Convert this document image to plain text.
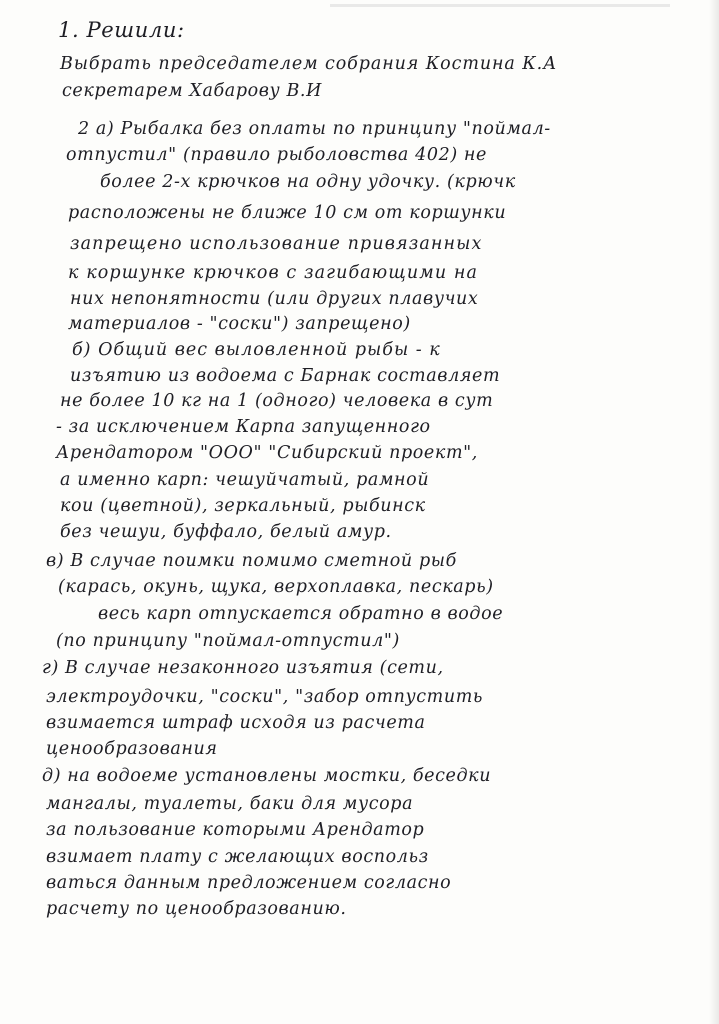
1. Решили:

Выбрать председателем собрания Костина К.А

секретарем Хабарову В.И

2 а) Рыбалка без оплаты по принципу "поймал-

отпустил" (правило рыболовства 402) не

более 2-х крючков на одну удочку. (крючк

расположены не ближе 10 см от коршунки

запрещено использование привязанных

к коршунке крючков с загибающими на

них непонятности (или других плавучих

материалов - "соски") запрещено)

б) Общий вес выловленной рыбы - к

изъятию из водоема с Барнак составляет

не более 10 кг на 1 (одного) человека в сут

- за исключением Карпа запущенного

Арендатором "ООО" "Сибирский проект",

а именно карп: чешуйчатый, рамной

кои (цветной), зеркальный, рыбинск

без чешуи, буффало, белый амур.

в) В случае поимки помимо сметной рыб

(карась, окунь, щука, верхоплавка, пескарь)

весь карп отпускается обратно в водое

(по принципу "поймал-отпустил")

г) В случае незаконного изъятия (сети,

электроудочки, "соски", "забор отпустить

взимается штраф исходя из расчета

ценообразования

д) на водоеме установлены мостки, беседки

мангалы, туалеты, баки для мусора

за пользование которыми Арендатор

взимает плату с желающих воспольз

ваться данным предложением согласно

расчету по ценообразованию.
